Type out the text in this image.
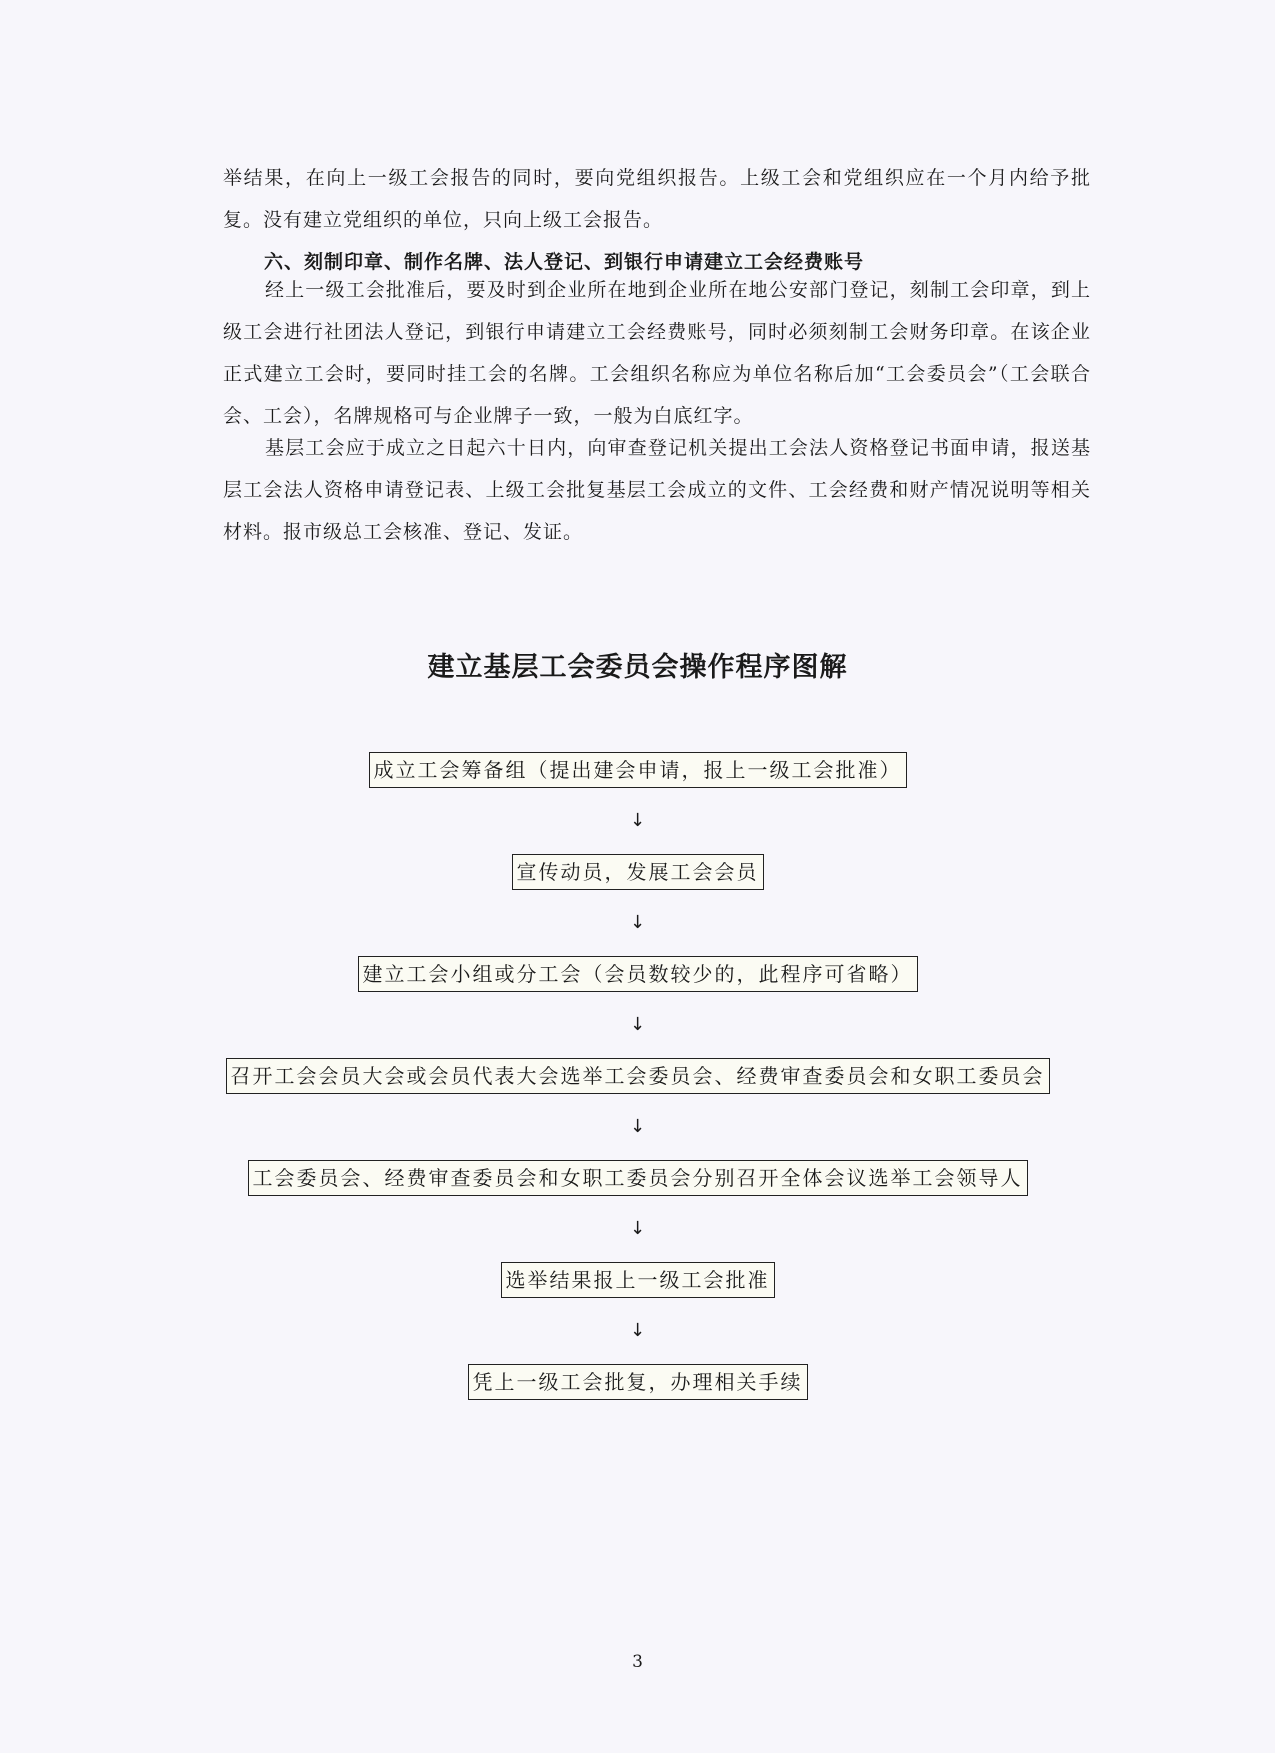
举结果，在向上一级工会报告的同时，要向党组织报告。上级工会和党组织应在一个月内给予批复。没有建立党组织的单位，只向上级工会报告。

六、刻制印章、制作名牌、法人登记、到银行申请建立工会经费账号

经上一级工会批准后，要及时到企业所在地到企业所在地公安部门登记，刻制工会印章，到上级工会进行社团法人登记，到银行申请建立工会经费账号，同时必须刻制工会财务印章。在该企业正式建立工会时，要同时挂工会的名牌。工会组织名称应为单位名称后加“工会委员会”（工会联合会、工会），名牌规格可与企业牌子一致，一般为白底红字。

基层工会应于成立之日起六十日内，向审查登记机关提出工会法人资格登记书面申请，报送基层工会法人资格申请登记表、上级工会批复基层工会成立的文件、工会经费和财产情况说明等相关材料。报市级总工会核准、登记、发证。

建立基层工会委员会操作程序图解
成立工会筹备组（提出建会申请，报上一级工会批准）
↓
宣传动员，发展工会会员
↓
建立工会小组或分工会（会员数较少的，此程序可省略）
↓
召开工会会员大会或会员代表大会选举工会委员会、经费审查委员会和女职工委员会
↓
工会委员会、经费审查委员会和女职工委员会分别召开全体会议选举工会领导人
↓
选举结果报上一级工会批准
↓
凭上一级工会批复，办理相关手续
3
